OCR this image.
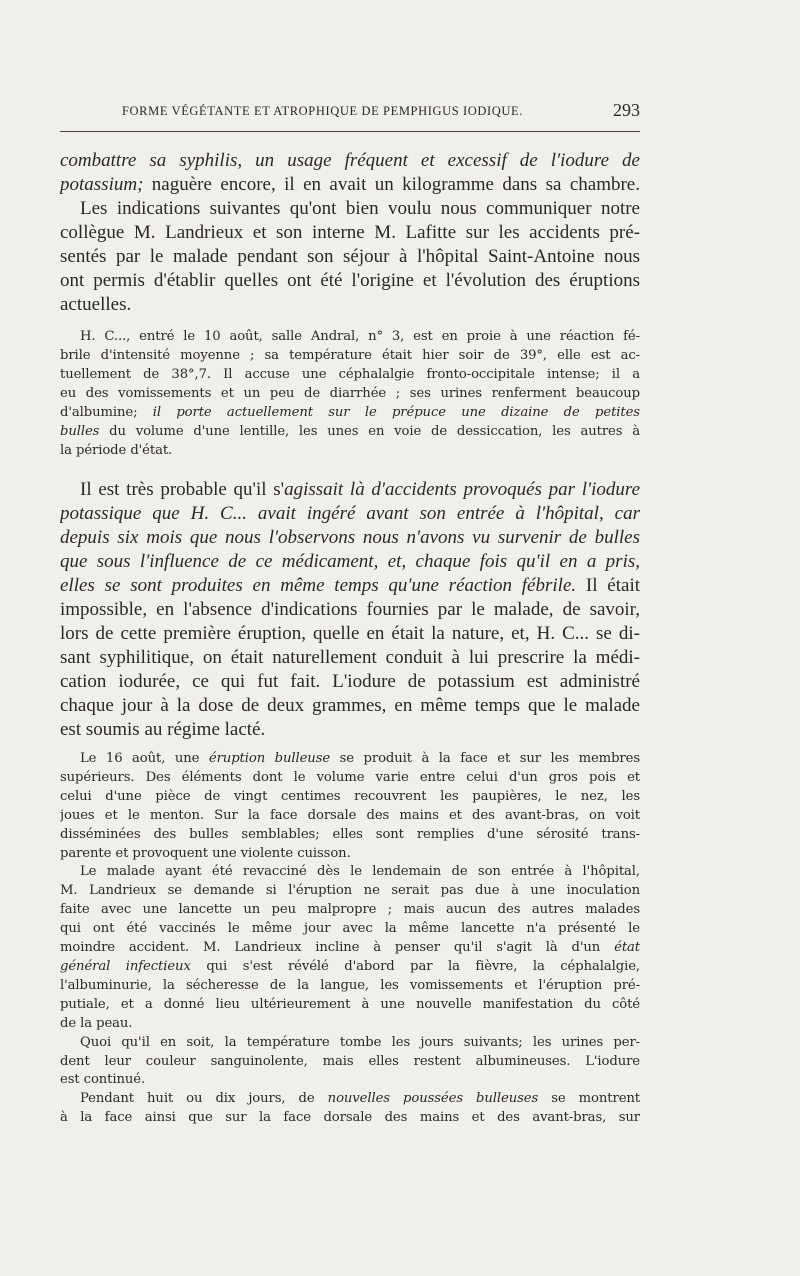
FORME VÉGÉTANTE ET ATROPHIQUE DE PEMPHIGUS IODIQUE.	293
combattre sa syphilis, un usage fréquent et excessif de l'iodure de
potassium; naguère encore, il en avait un kilogramme dans sa chambre.
Les indications suivantes qu'ont bien voulu nous communiquer notre
collègue M. Landrieux et son interne M. Lafitte sur les accidents pré-
sentés par le malade pendant son séjour à l'hôpital Saint-Antoine nous
ont permis d'établir quelles ont été l'origine et l'évolution des éruptions
actuelles.
H. C..., entré le 10 août, salle Andral, n° 3, est en proie à une réaction fé-
brile d'intensité moyenne ; sa température était hier soir de 39°, elle est ac-
tuellement de 38°,7. Il accuse une céphalalgie fronto-occipitale intense; il a
eu des vomissements et un peu de diarrhée ; ses urines renferment beaucoup
d'albumine; il porte actuellement sur le prépuce une dizaine de petites
bulles du volume d'une lentille, les unes en voie de dessiccation, les autres à
la période d'état.
Il est très probable qu'il s'agissait là d'accidents provoqués par l'iodure
potassique que H. C... avait ingéré avant son entrée à l'hôpital, car
depuis six mois que nous l'observons nous n'avons vu survenir de bulles
que sous l'influence de ce médicament, et, chaque fois qu'il en a pris,
elles se sont produites en même temps qu'une réaction fébrile. Il était
impossible, en l'absence d'indications fournies par le malade, de savoir,
lors de cette première éruption, quelle en était la nature, et, H. C... se di-
sant syphilitique, on était naturellement conduit à lui prescrire la médi-
cation iodurée, ce qui fut fait. L'iodure de potassium est administré
chaque jour à la dose de deux grammes, en même temps que le malade
est soumis au régime lacté.
Le 16 août, une éruption bulleuse se produit à la face et sur les membres
supérieurs. Des éléments dont le volume varie entre celui d'un gros pois et
celui d'une pièce de vingt centimes recouvrent les paupières, le nez, les
joues et le menton. Sur la face dorsale des mains et des avant-bras, on voit
disséminées des bulles semblables; elles sont remplies d'une sérosité trans-
parente et provoquent une violente cuisson.
Le malade ayant été revacciné dès le lendemain de son entrée à l'hôpital,
M. Landrieux se demande si l'éruption ne serait pas due à une inoculation
faite avec une lancette un peu malpropre ; mais aucun des autres malades
qui ont été vaccinés le même jour avec la même lancette n'a présenté le
moindre accident. M. Landrieux incline à penser qu'il s'agit là d'un état
général infectieux qui s'est révélé d'abord par la fièvre, la céphalalgie,
l'albuminurie, la sécheresse de la langue, les vomissements et l'éruption pré-
putiale, et a donné lieu ultérieurement à une nouvelle manifestation du côté
de la peau.
Quoi qu'il en soit, la température tombe les jours suivants; les urines per-
dent leur couleur sanguinolente, mais elles restent albumineuses. L'iodure
est continué.
Pendant huit ou dix jours, de nouvelles poussées bulleuses se montrent
à la face ainsi que sur la face dorsale des mains et des avant-bras, sur
